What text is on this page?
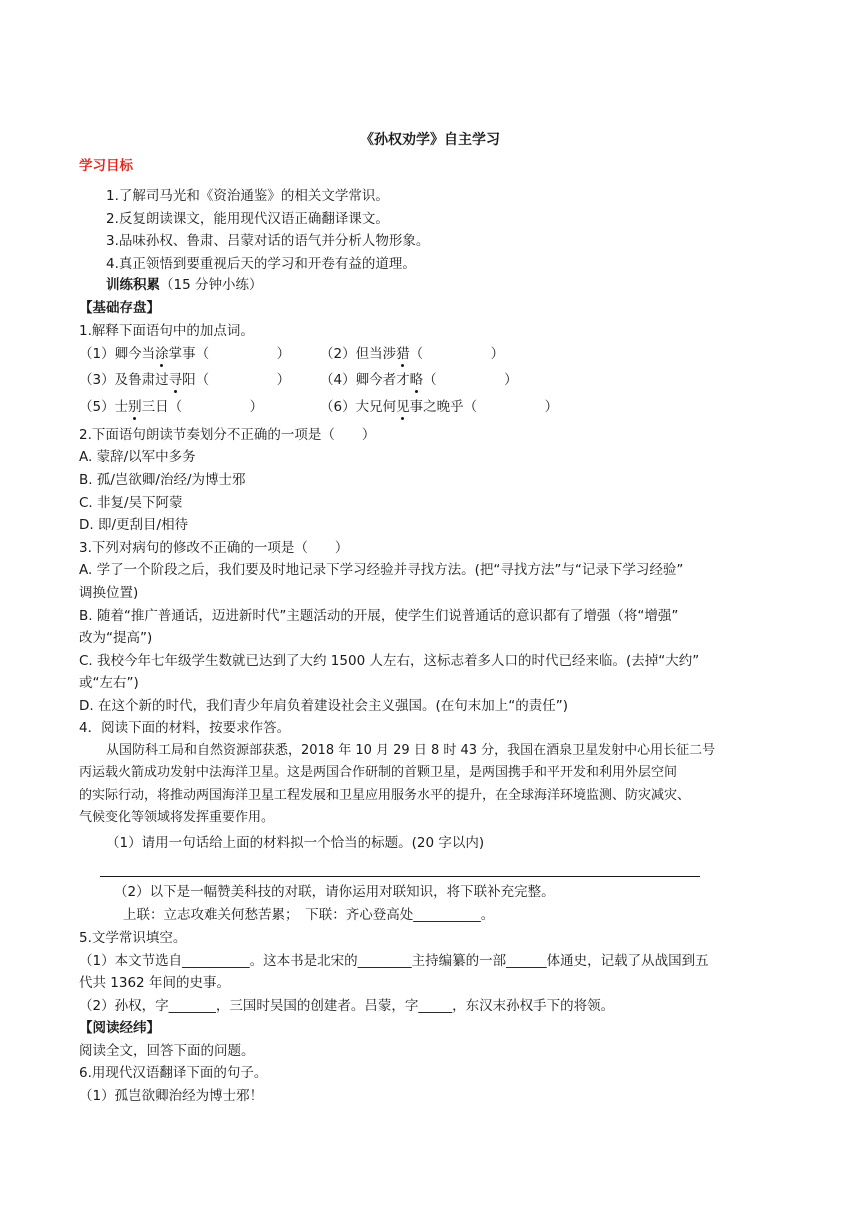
《孙权劝学》自主学习
学习目标
1.了解司马光和《资治通鉴》的相关文学常识。
2.反复朗读课文，能用现代汉语正确翻译课文。
3.品味孙权、鲁肃、吕蒙对话的语气并分析人物形象。
4.真正领悟到要重视后天的学习和开卷有益的道理。
训练积累（15 分钟小练）
【基础存盘】
1.解释下面语句中的加点词。
（1）卿今当涂掌事（　　　　　） （2）但当涉猎（　　　　　）
（3）及鲁肃过寻阳（　　　　　） （4）卿今者才略（　　　　　）
（5）士别三日（　　　　　）	（6）大兄何见事之晚乎（　　　　　）
2.下面语句朗读节奏划分不正确的一项是（　　）
A. 蒙辞/以军中多务
B. 孤/岂欲卿/治经/为博士邪
C. 非复/吴下阿蒙
D. 即/更刮目/相待
3.下列对病句的修改不正确的一项是（　　）
A. 学了一个阶段之后，我们要及时地记录下学习经验并寻找方法。(把“寻找方法”与“记录下学习经验”
调换位置)
B. 随着“推广普通话，迈进新时代”主题活动的开展，使学生们说普通话的意识都有了增强（将“增强”
改为“提高”)
C. 我校今年七年级学生数就已达到了大约 1500 人左右，这标志着多人口的时代已经来临。(去掉“大约”
或“左右”)
D. 在这个新的时代，我们青少年肩负着建设社会主义强国。(在句末加上“的责任”)
4．阅读下面的材料，按要求作答。
从国防科工局和自然资源部获悉，2018 年 10 月 29 日 8 时 43 分，我国在酒泉卫星发射中心用长征二号
丙运载火箭成功发射中法海洋卫星。这是两国合作研制的首颗卫星，是两国携手和平开发和利用外层空间
的实际行动，将推动两国海洋卫星工程发展和卫星应用服务水平的提升，在全球海洋环境监测、防灾减灾、
气候变化等领域将发挥重要作用。
（1）请用一句话给上面的材料拟一个恰当的标题。(20 字以内)
（2）以下是一幅赞美科技的对联，请你运用对联知识，将下联补充完整。
上联：立志攻难关何愁苦累；　下联：齐心登高处__________。
5.文学常识填空。
（1）本文节选自__________。这本书是北宋的________主持编纂的一部______体通史，记载了从战国到五
代共 1362 年间的史事。
（2）孙权，字_______，三国时吴国的创建者。吕蒙，字_____，东汉末孙权手下的将领。
【阅读经纬】
阅读全文，回答下面的问题。
6.用现代汉语翻译下面的句子。
（1）孤岂欲卿治经为博士邪！
